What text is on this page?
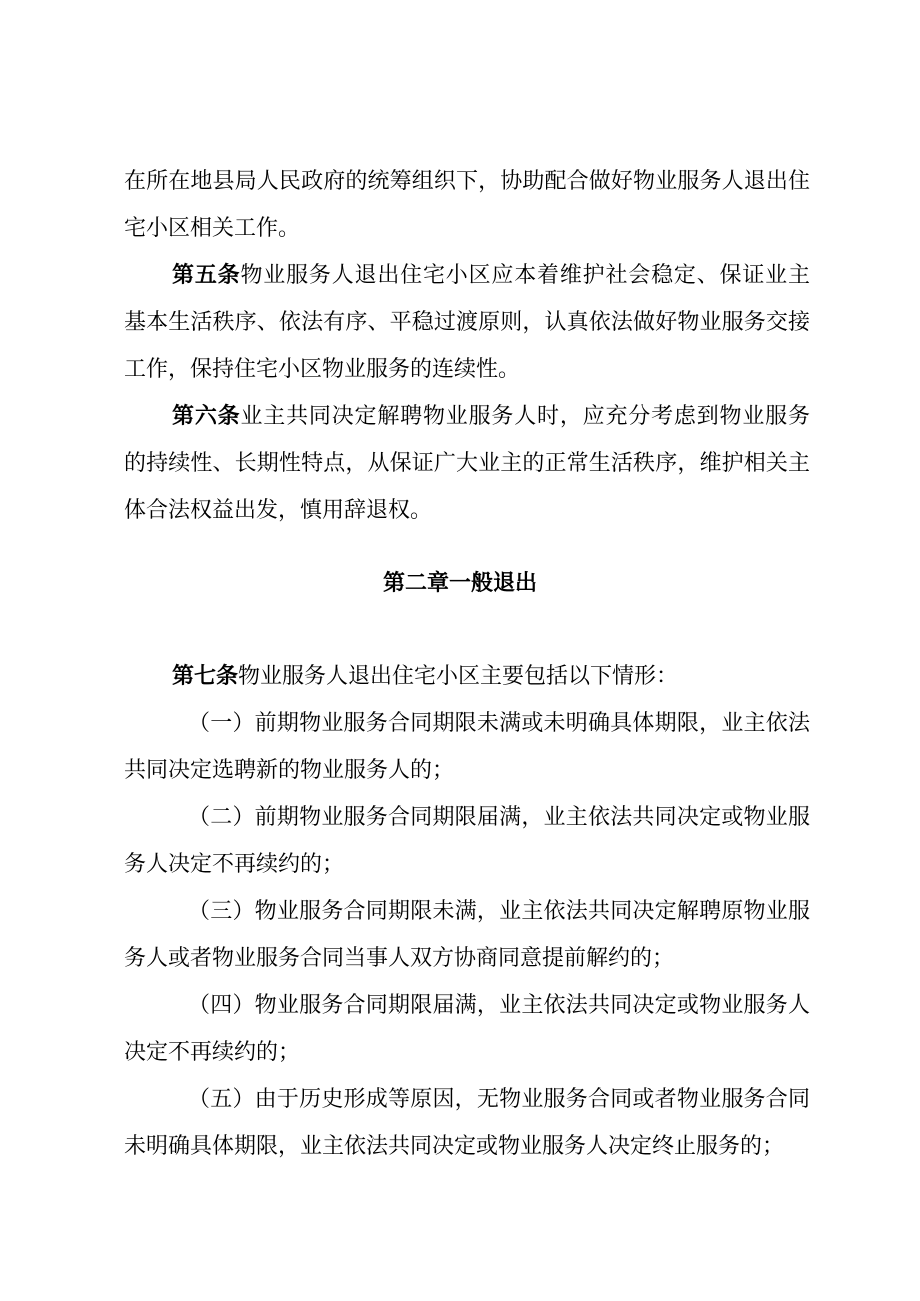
在所在地县局人民政府的统筹组织下，协助配合做好物业服务人退出住宅小区相关工作。

第五条物业服务人退出住宅小区应本着维护社会稳定、保证业主基本生活秩序、依法有序、平稳过渡原则，认真依法做好物业服务交接工作，保持住宅小区物业服务的连续性。

第六条业主共同决定解聘物业服务人时，应充分考虑到物业服务的持续性、长期性特点，从保证广大业主的正常生活秩序，维护相关主体合法权益出发，慎用辞退权。

第二章一般退出

第七条物业服务人退出住宅小区主要包括以下情形：

（一）前期物业服务合同期限未满或未明确具体期限，业主依法共同决定选聘新的物业服务人的；

（二）前期物业服务合同期限届满，业主依法共同决定或物业服务人决定不再续约的；

（三）物业服务合同期限未满，业主依法共同决定解聘原物业服务人或者物业服务合同当事人双方协商同意提前解约的；

（四）物业服务合同期限届满，业主依法共同决定或物业服务人决定不再续约的；

（五）由于历史形成等原因，无物业服务合同或者物业服务合同未明确具体期限，业主依法共同决定或物业服务人决定终止服务的；
